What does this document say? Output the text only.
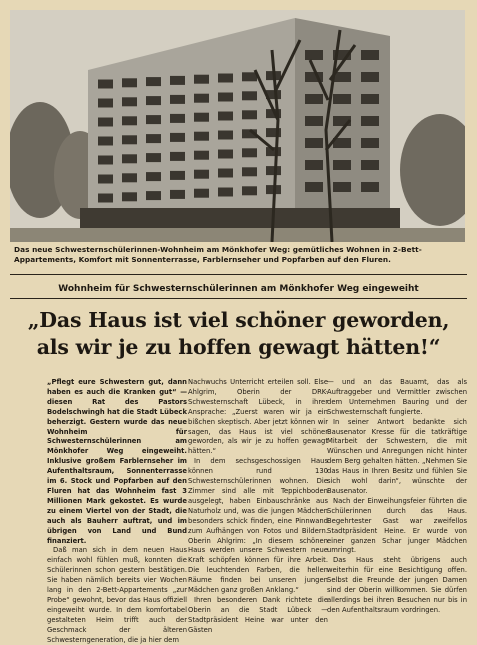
Das neue Schwesternschülerinnen-Wohnheim am Mönkhofer Weg: gemütliches Wohnen in 2-Bett-Appartements, Komfort mit Sonnenterrasse, Farblernseher und Popfarben auf den Fluren.
Wohnheim für Schwesternschülerinnen am Mönkhofer Weg eingeweiht
„Das Haus ist viel schöner geworden,
als wir je zu hoffen gewagt hätten!“

„Pflegt eure Schwestern gut, dann haben es auch die Kranken gut“ — diesen Rat des Pastors Bodelschwingh hat die Stadt Lübeck beherzigt. Gestern wurde das neue Wohnheim für Schwesternschülerinnen am Mönkhofer Weg eingeweiht. Inklusive großem Farblernseher im Aufenthaltsraum, Sonnenterrasse im 6. Stock und Popfarben auf den Fluren hat das Wohnheim fast 3 Millionen Mark gekostet. Es wurde zu einem Viertel von der Stadt, die auch als Bauherr auftrat, und im übrigen von Land und Bund finanziert.

Daß man sich in dem neuen Haus einfach wohl fühlen muß, konnten die Schülerinnen schon gestern bestätigen. Sie haben nämlich bereits vier Wochen lang in den 2-Bett-Appartements „zur Probe“ gewohnt, bevor das Haus offiziell eingeweiht wurde. In dem komfortabel gestalteten Heim trifft auch der Geschmack der älteren Schwesterngeneration, die ja hier dem

Nachwuchs Unterricht erteilen soll. Else Ahlgrim, Oberin der DRK-Schwesternschaft Lübeck, in ihrer Ansprache: „Zuerst waren wir ja ein bißchen skeptisch. Aber jetzt können wir sagen, das Haus ist viel schöner geworden, als wir je zu hoffen gewagt hätten.“

In dem sechsgeschossigen Haus können rund 130 Schwesternschülerinnen wohnen. Die Zimmer sind alle mit Teppichboden ausgelegt, haben Einbauschränke aus Naturholz und, was die jungen Mädchen besonders schick finden, eine Pinnwand zum Aufhängen von Fotos und Bildern. Oberin Ahlgrim: „In diesem schönen Haus werden unsere Schwestern neue Kraft schöpfen können für ihre Arbeit. Die leuchtenden Farben, die hellen Räume finden bei unseren jungen Mädchen ganz großen Anklang.“

Ihren besonderen Dank richtete die Oberin an die Stadt Lübeck — Stadtpräsident Heine war unter den Gästen

— und an das Bauamt, das als Auftraggeber und Vermittler zwischen dem Unternehmen Bauring und der Schwesternschaft fungierte.

In seiner Antwort bedankte sich Bausenator Kresse für die tatkräftige Mitarbeit der Schwestern, die mit Wünschen und Anregungen nicht hinter dem Berg gehalten hätten. „Nehmen Sie das Haus in Ihren Besitz und fühlen Sie sich wohl darin“, wünschte der Bausenator.

Nach der Einweihungsfeier führten die Schülerinnen durch das Haus. Begehrtester Gast war zweifellos Stadtpräsident Heine. Er wurde von einer ganzen Schar junger Mädchen umringt.

Das Haus steht übrigens auch weiterhin für eine Besichtigung offen. Selbst die Freunde der jungen Damen sind der Oberin willkommen. Sie dürfen allerdings bei ihren Besuchen nur bis in den Aufenthaltsraum vordringen.
